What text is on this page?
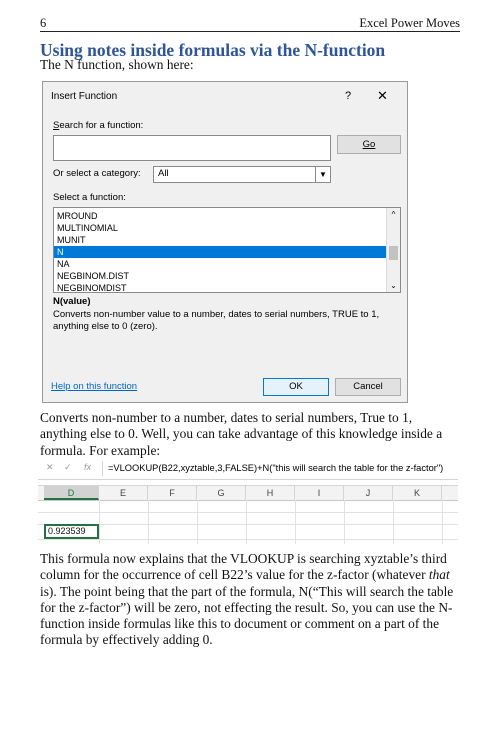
6	Excel Power Moves
Using notes inside formulas via the N-function
The N function, shown here:
Insert Function	? ✕
Search for a function:
Go
Or select a category: All	▼
Select a function:
MROUND
MULTINOMIAL
MUNIT
N
NA
NEGBINOM.DIST
NEGBINOMDIST
^
⌄
N(value)
Converts non-number value to a number, dates to serial numbers, TRUE to 1, anything else to 0 (zero).
Help on this function	OK	Cancel
Converts non-number to a number, dates to serial numbers, True to 1, anything else to 0. Well, you can take advantage of this knowledge inside a formula. For example:
✕ ✓ fx =VLOOKUP(B22,xyztable,3,FALSE)+N("this will search the table for the z-factor")
D	E	F	G	H	I	J	K
0.923539
This formula now explains that the VLOOKUP is searching xyztable’s third column for the occurrence of cell B22’s value for the z-factor (whatever that is). The point being that the part of the formula, N(“This will search the table for the z-factor”) will be zero, not effecting the result. So, you can use the N-function inside formulas like this to document or comment on a part of the formula by effectively adding 0.
